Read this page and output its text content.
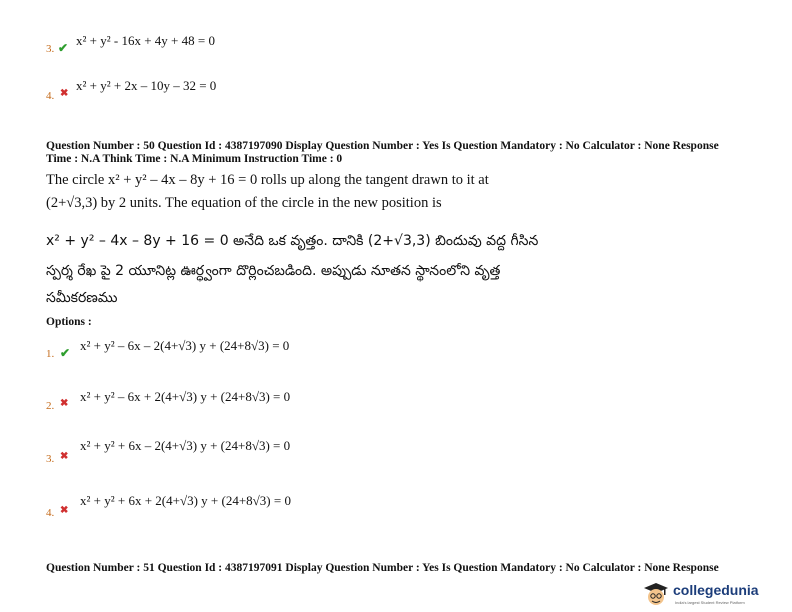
3. ✔ x² + y² - 16x + 4y + 48 = 0
4. ✖
x² + y² + 2x – 10y – 32 = 0
Question Number : 50 Question Id : 4387197090 Display Question Number : Yes Is Question Mandatory : No Calculator : None Response
Time : N.A Think Time : N.A Minimum Instruction Time : 0
The circle x² + y² – 4x – 8y + 16 = 0 rolls up along the tangent drawn to it at
(2+√3,3) by 2 units. The equation of the circle in the new position is
x² + y² – 4x – 8y + 16 = 0 అనేది ఒక వృత్తం. దానికి (2+√3,3) బిందువు వద్ద గీసిన
స్పర్శ రేఖ పై 2 యూనిట్ల ఊర్ధ్వంగా దొర్లించబడింది. అప్పుడు నూతన స్థానంలోని వృత్త
సమీకరణము
Options :
1. ✔ x² + y² – 6x – 2(4+√3) y + (24+8√3) = 0
2. ✖ x² + y² – 6x + 2(4+√3) y + (24+8√3) = 0
3. ✖
x² + y² + 6x – 2(4+√3) y + (24+8√3) = 0
4. ✖
x² + y² + 6x + 2(4+√3) y + (24+8√3) = 0
Question Number : 51 Question Id : 4387197091 Display Question Number : Yes Is Question Mandatory : No Calculator : None Response
collegedunia
India's largest Student Review Platform
